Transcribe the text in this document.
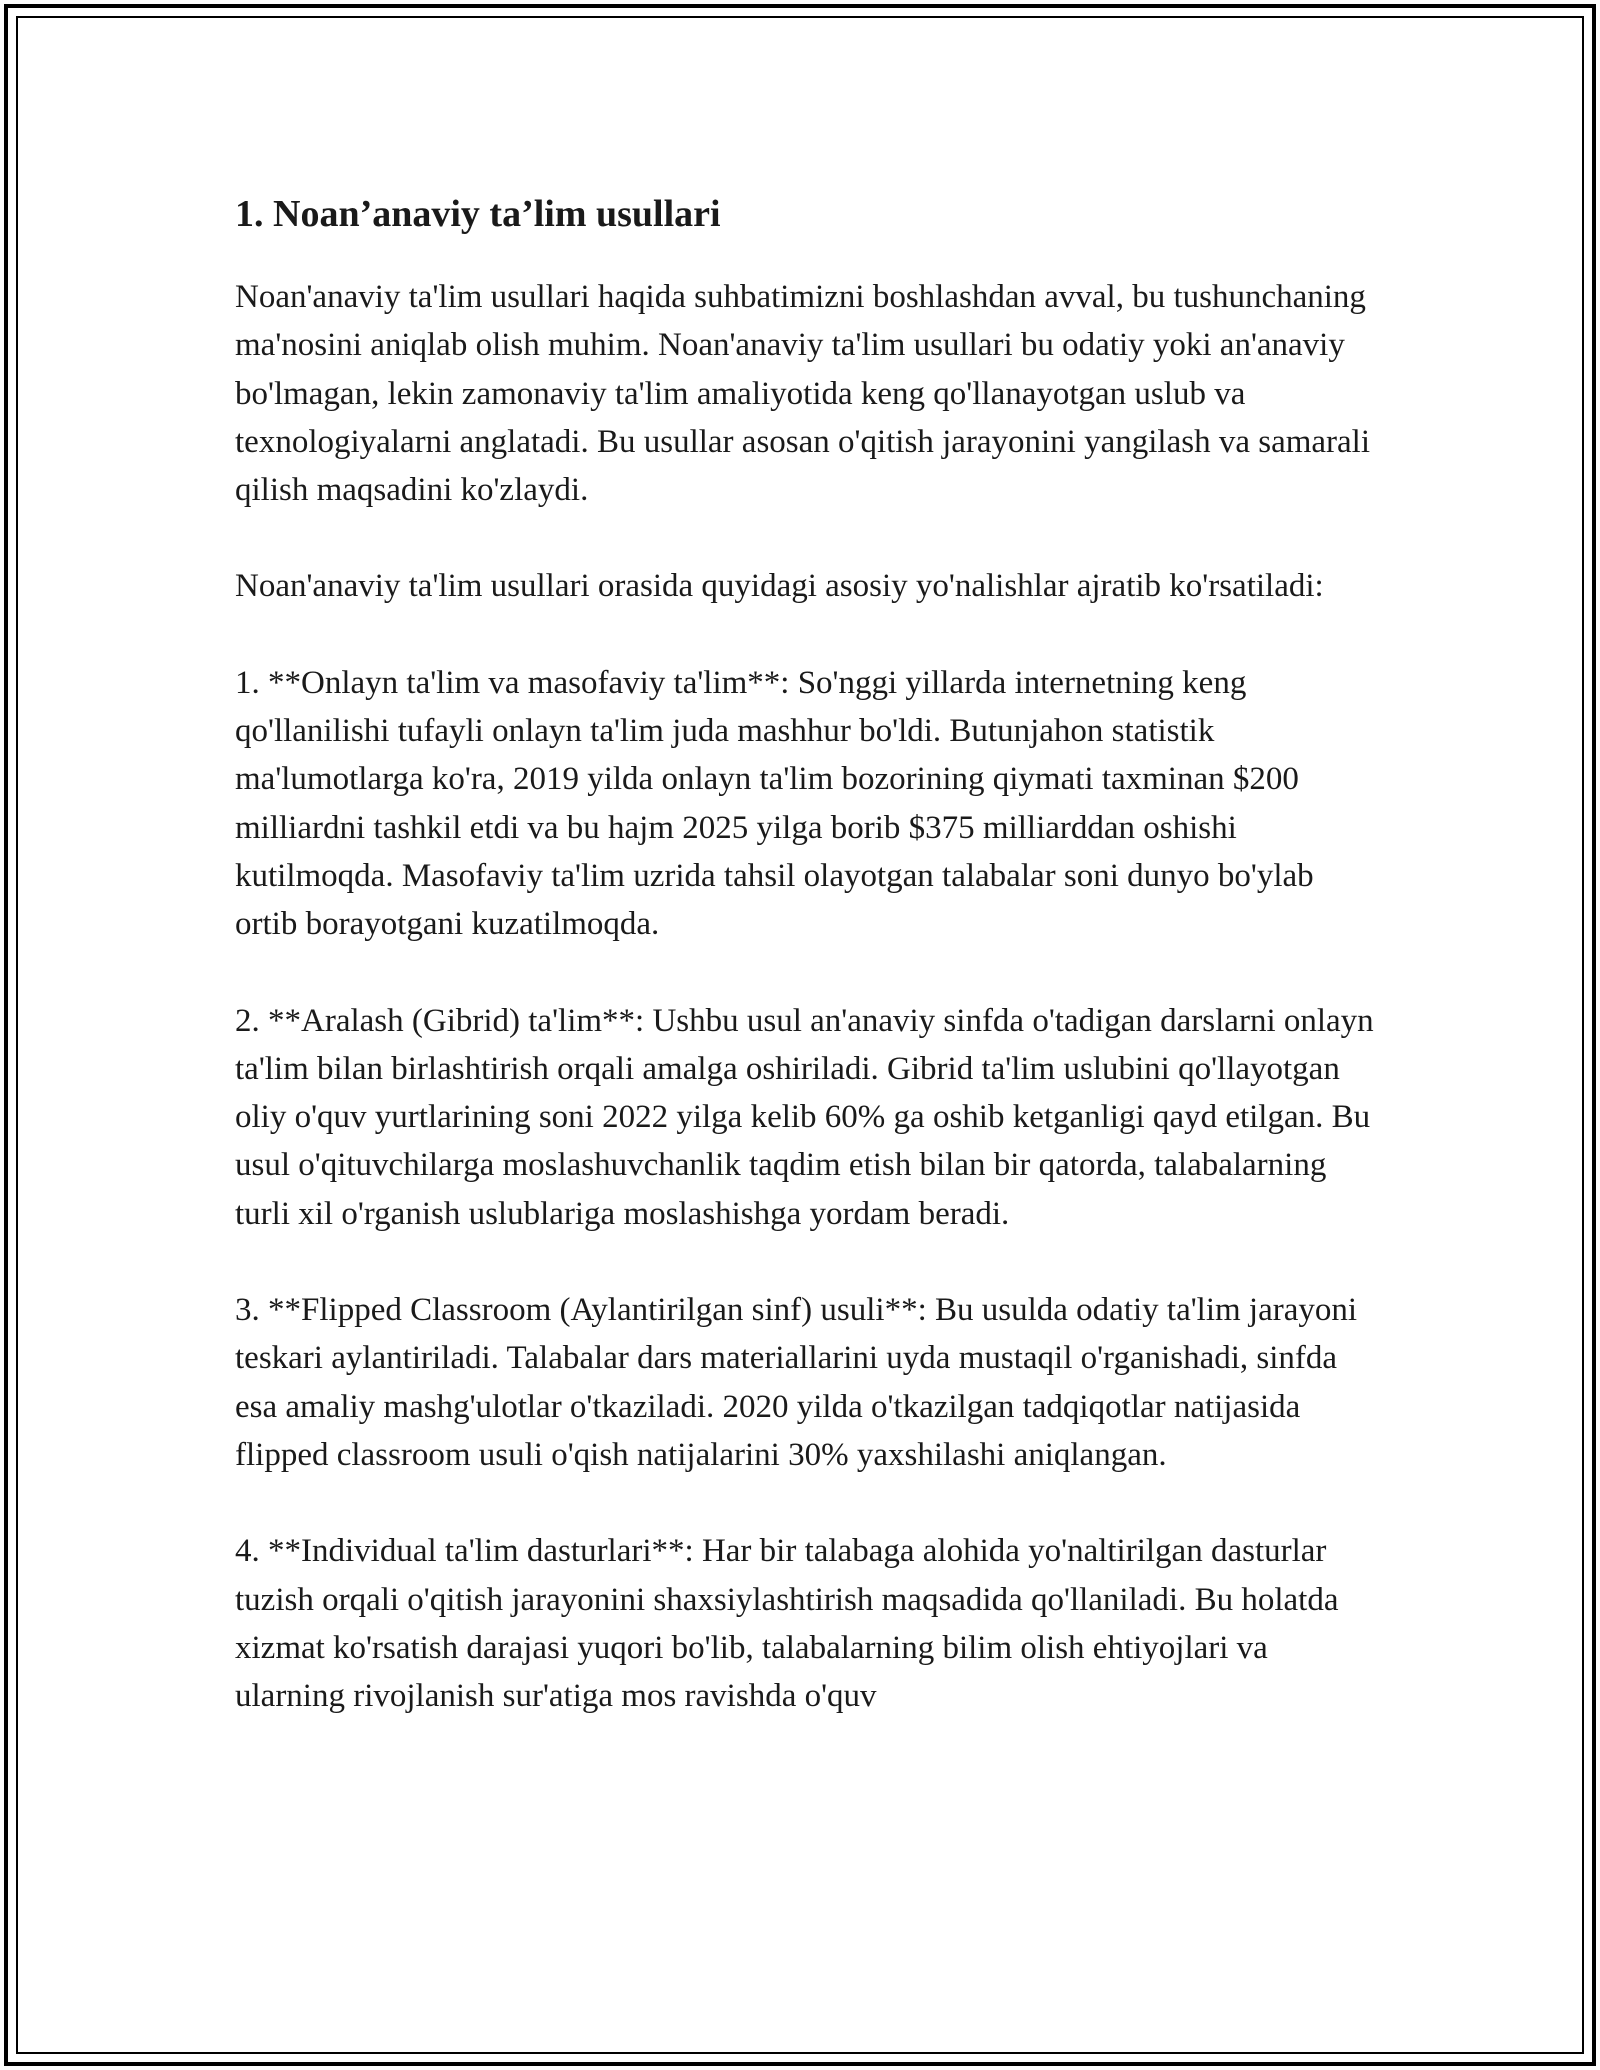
1. Noan’anaviy ta’lim usullari

Noan'anaviy ta'lim usullari haqida suhbatimizni boshlashdan avval, bu tushunchaning ma'nosini aniqlab olish muhim. Noan'anaviy ta'lim usullari bu odatiy yoki an'anaviy bo'lmagan, lekin zamonaviy ta'lim amaliyotida keng qo'llanayotgan uslub va texnologiyalarni anglatadi. Bu usullar asosan o'qitish jarayonini yangilash va samarali qilish maqsadini ko'zlaydi.

Noan'anaviy ta'lim usullari orasida quyidagi asosiy yo'nalishlar ajratib ko'rsatiladi:

1. **Onlayn ta'lim va masofaviy ta'lim**: So'nggi yillarda internetning keng qo'llanilishi tufayli onlayn ta'lim juda mashhur bo'ldi. Butunjahon statistik ma'lumotlarga ko'ra, 2019 yilda onlayn ta'lim bozorining qiymati taxminan $200 milliardni tashkil etdi va bu hajm 2025 yilga borib $375 milliarddan oshishi kutilmoqda. Masofaviy ta'lim uzrida tahsil olayotgan talabalar soni dunyo bo'ylab ortib borayotgani kuzatilmoqda.

2. **Aralash (Gibrid) ta'lim**: Ushbu usul an'anaviy sinfda o'tadigan darslarni onlayn ta'lim bilan birlashtirish orqali amalga oshiriladi. Gibrid ta'lim uslubini qo'llayotgan oliy o'quv yurtlarining soni 2022 yilga kelib 60% ga oshib ketganligi qayd etilgan. Bu usul o'qituvchilarga moslashuvchanlik taqdim etish bilan bir qatorda, talabalarning turli xil o'rganish uslublariga moslashishga yordam beradi.

3. **Flipped Classroom (Aylantirilgan sinf) usuli**: Bu usulda odatiy ta'lim jarayoni teskari aylantiriladi. Talabalar dars materiallarini uyda mustaqil o'rganishadi, sinfda esa amaliy mashg'ulotlar o'tkaziladi. 2020 yilda o'tkazilgan tadqiqotlar natijasida flipped classroom usuli o'qish natijalarini 30% yaxshilashi aniqlangan.

4. **Individual ta'lim dasturlari**: Har bir talabaga alohida yo'naltirilgan dasturlar tuzish orqali o'qitish jarayonini shaxsiylashtirish maqsadida qo'llaniladi. Bu holatda xizmat ko'rsatish darajasi yuqori bo'lib, talabalarning bilim olish ehtiyojlari va ularning rivojlanish sur'atiga mos ravishda o'quv
